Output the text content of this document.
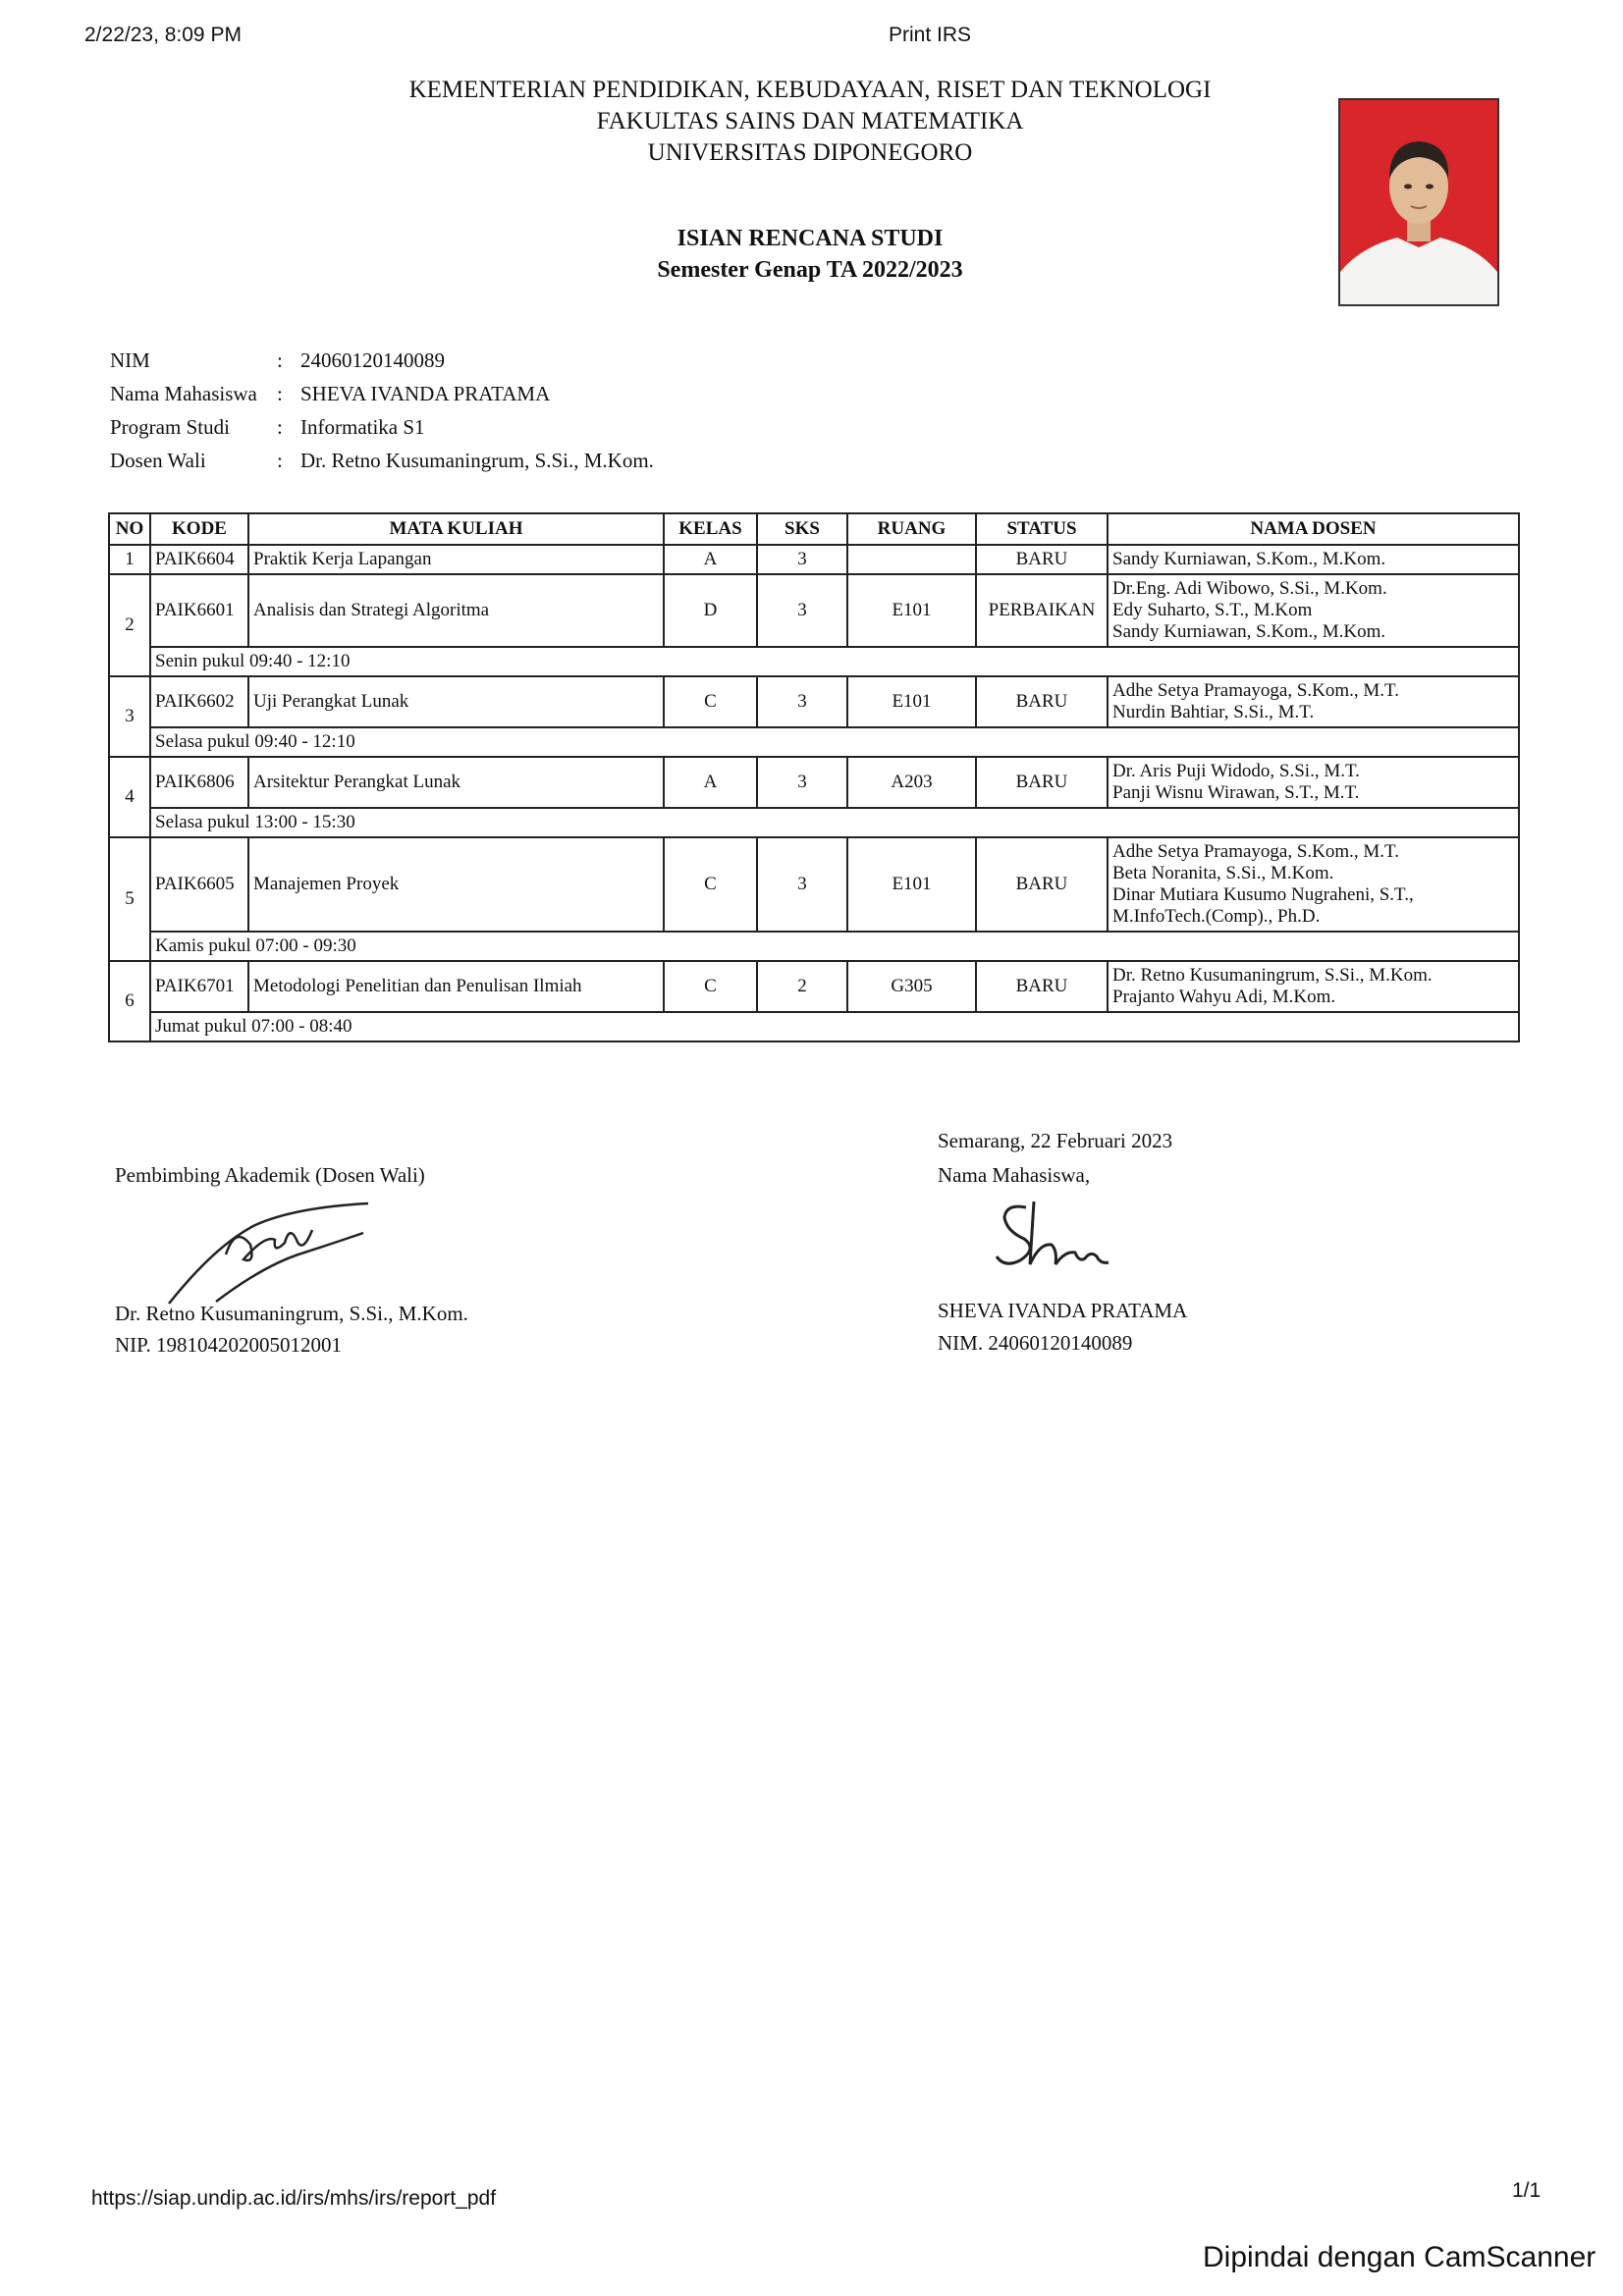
2/22/23, 8:09 PM	Print IRS
KEMENTERIAN PENDIDIKAN, KEBUDAYAAN, RISET DAN TEKNOLOGI
FAKULTAS SAINS DAN MATEMATIKA
UNIVERSITAS DIPONEGORO
ISIAN RENCANA STUDI
Semester Genap TA 2022/2023
NIM	: 24060120140089
Nama Mahasiswa : SHEVA IVANDA PRATAMA
Program Studi	: Informatika S1
Dosen Wali	: Dr. Retno Kusumaningrum, S.Si., M.Kom.
NO	KODE	MATA KULIAH	KELAS	SKS	RUANG	STATUS	NAMA DOSEN
1	PAIK6604	Praktik Kerja Lapangan	A	3		BARU	Sandy Kurniawan, S.Kom., M.Kom.

2	PAIK6601	Analisis dan Strategi Algoritma	D	3	E101	PERBAIKAN	Dr.Eng. Adi Wibowo, S.Si., M.Kom.
Edy Suharto, S.T., M.Kom
Sandy Kurniawan, S.Kom., M.Kom.

	Senin pukul 09:40 - 12:10						
3	PAIK6602	Uji Perangkat Lunak	C	3	E101	BARU	Adhe Setya Pramayoga, S.Kom., M.T.
Nurdin Bahtiar, S.Si., M.T.

	Selasa pukul 09:40 - 12:10						
4	PAIK6806	Arsitektur Perangkat Lunak	A	3	A203	BARU	Dr. Aris Puji Widodo, S.Si., M.T.
Panji Wisnu Wirawan, S.T., M.T.

	Selasa pukul 13:00 - 15:30						
5	PAIK6605	Manajemen Proyek	C	3	E101	BARU	Adhe Setya Pramayoga, S.Kom., M.T.
Beta Noranita, S.Si., M.Kom.
Dinar Mutiara Kusumo Nugraheni, S.T.,
M.InfoTech.(Comp)., Ph.D.

	Kamis pukul 07:00 - 09:30						
6	PAIK6701	Metodologi Penelitian dan Penulisan Ilmiah	C	2	G305	BARU	Dr. Retno Kusumaningrum, S.Si., M.Kom.
Prajanto Wahyu Adi, M.Kom.

	Jumat pukul 07:00 - 08:40						
Pembimbing Akademik (Dosen Wali)
Dr. Retno Kusumaningrum, S.Si., M.Kom.
NIP. 198104202005012001
Semarang, 22 Februari 2023
Nama Mahasiswa,
SHEVA IVANDA PRATAMA
NIM. 24060120140089
https://siap.undip.ac.id/irs/mhs/irs/report_pdf	1/1
Dipindai dengan CamScanner
